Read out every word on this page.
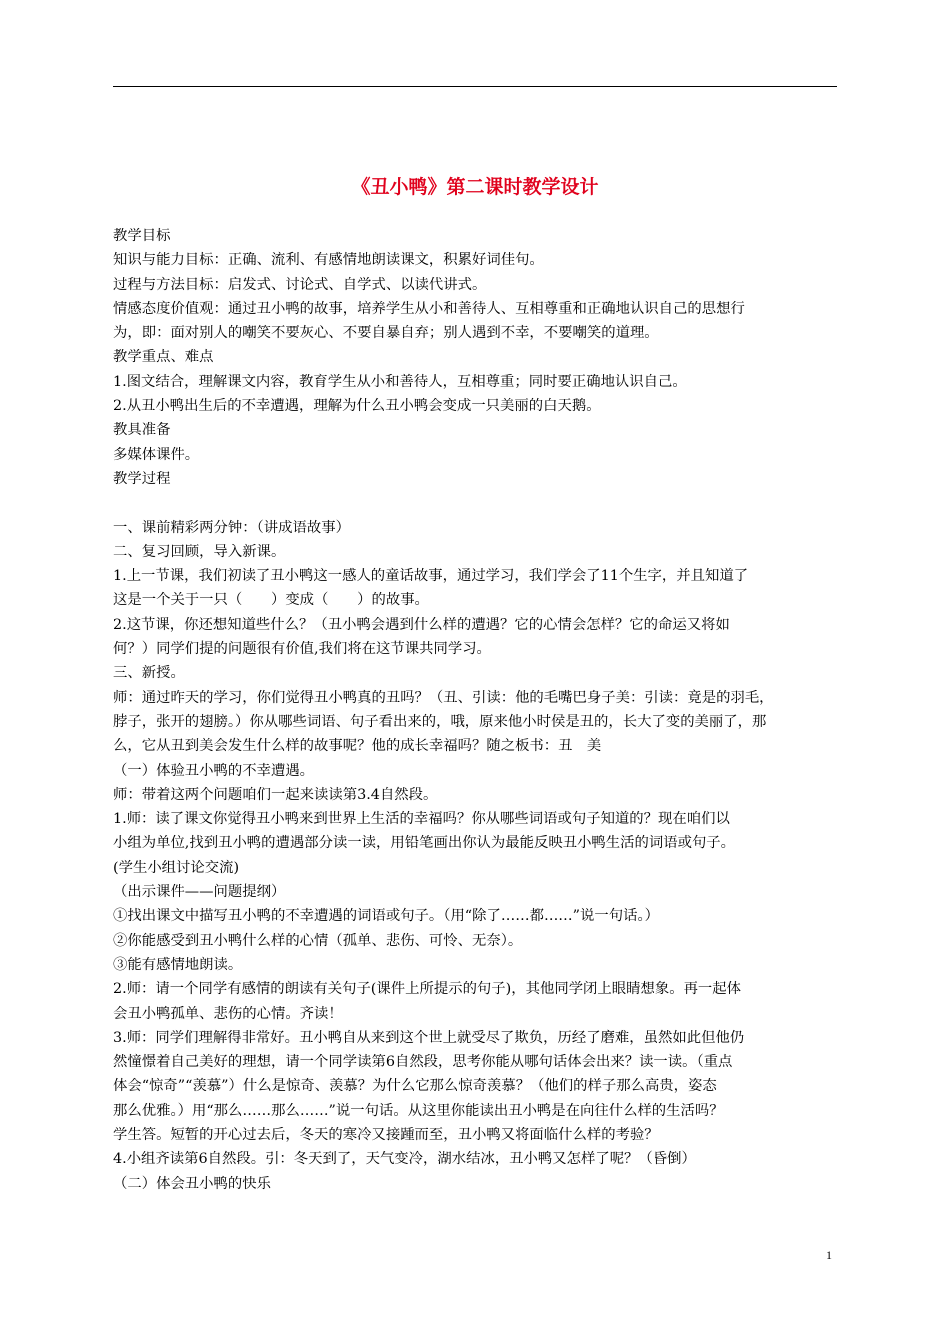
《丑小鸭》第二课时教学设计
教学目标
知识与能力目标：正确、流利、有感情地朗读课文，积累好词佳句。
过程与方法目标：启发式、讨论式、自学式、以读代讲式。
情感态度价值观：通过丑小鸭的故事，培养学生从小和善待人、互相尊重和正确地认识自己的思想行
为，即：面对别人的嘲笑不要灰心、不要自暴自弃；别人遇到不幸，不要嘲笑的道理。
教学重点、难点
1.图文结合，理解课文内容，教育学生从小和善待人，互相尊重；同时要正确地认识自己。
2.从丑小鸭出生后的不幸遭遇，理解为什么丑小鸭会变成一只美丽的白天鹅。
教具准备
多媒体课件。
教学过程
一、课前精彩两分钟：（讲成语故事）
二、复习回顾，导入新课。
1.上一节课，我们初读了丑小鸭这一感人的童话故事，通过学习，我们学会了11个生字，并且知道了
这是一个关于一只（　　）变成（　　）的故事。
2.这节课，你还想知道些什么？（丑小鸭会遇到什么样的遭遇？它的心情会怎样？它的命运又将如
何？）同学们提的问题很有价值,我们将在这节课共同学习。
三、新授。
师：通过昨天的学习，你们觉得丑小鸭真的丑吗？（丑、引读：他的毛嘴巴身子美：引读：竟是的羽毛，
脖子，张开的翅膀。）你从哪些词语、句子看出来的，哦，原来他小时侯是丑的，长大了变的美丽了，那
么，它从丑到美会发生什么样的故事呢？他的成长幸福吗？随之板书：丑　美
（一）体验丑小鸭的不幸遭遇。
师：带着这两个问题咱们一起来读读第3.4自然段。
1.师：读了课文你觉得丑小鸭来到世界上生活的幸福吗？你从哪些词语或句子知道的？现在咱们以
小组为单位,找到丑小鸭的遭遇部分读一读，用铅笔画出你认为最能反映丑小鸭生活的词语或句子。
(学生小组讨论交流)
（出示课件——问题提纲）
①找出课文中描写丑小鸭的不幸遭遇的词语或句子。（用“除了……都……”说一句话。）
②你能感受到丑小鸭什么样的心情（孤单、悲伤、可怜、无奈）。
③能有感情地朗读。
2.师：请一个同学有感情的朗读有关句子(课件上所提示的句子)，其他同学闭上眼睛想象。再一起体
会丑小鸭孤单、悲伤的心情。齐读！
3.师：同学们理解得非常好。丑小鸭自从来到这个世上就受尽了欺负，历经了磨难，虽然如此但他仍
然憧憬着自己美好的理想，请一个同学读第6自然段，思考你能从哪句话体会出来？读一读。（重点
体会“惊奇”“羡慕”）什么是惊奇、羡慕？为什么它那么惊奇羡慕？（他们的样子那么高贵，姿态
那么优雅。）用“那么……那么……”说一句话。从这里你能读出丑小鸭是在向往什么样的生活吗？
学生答。短暂的开心过去后，冬天的寒冷又接踵而至，丑小鸭又将面临什么样的考验？
4.小组齐读第6自然段。引：冬天到了，天气变冷，湖水结冰，丑小鸭又怎样了呢？（昏倒）
（二）体会丑小鸭的快乐
1
